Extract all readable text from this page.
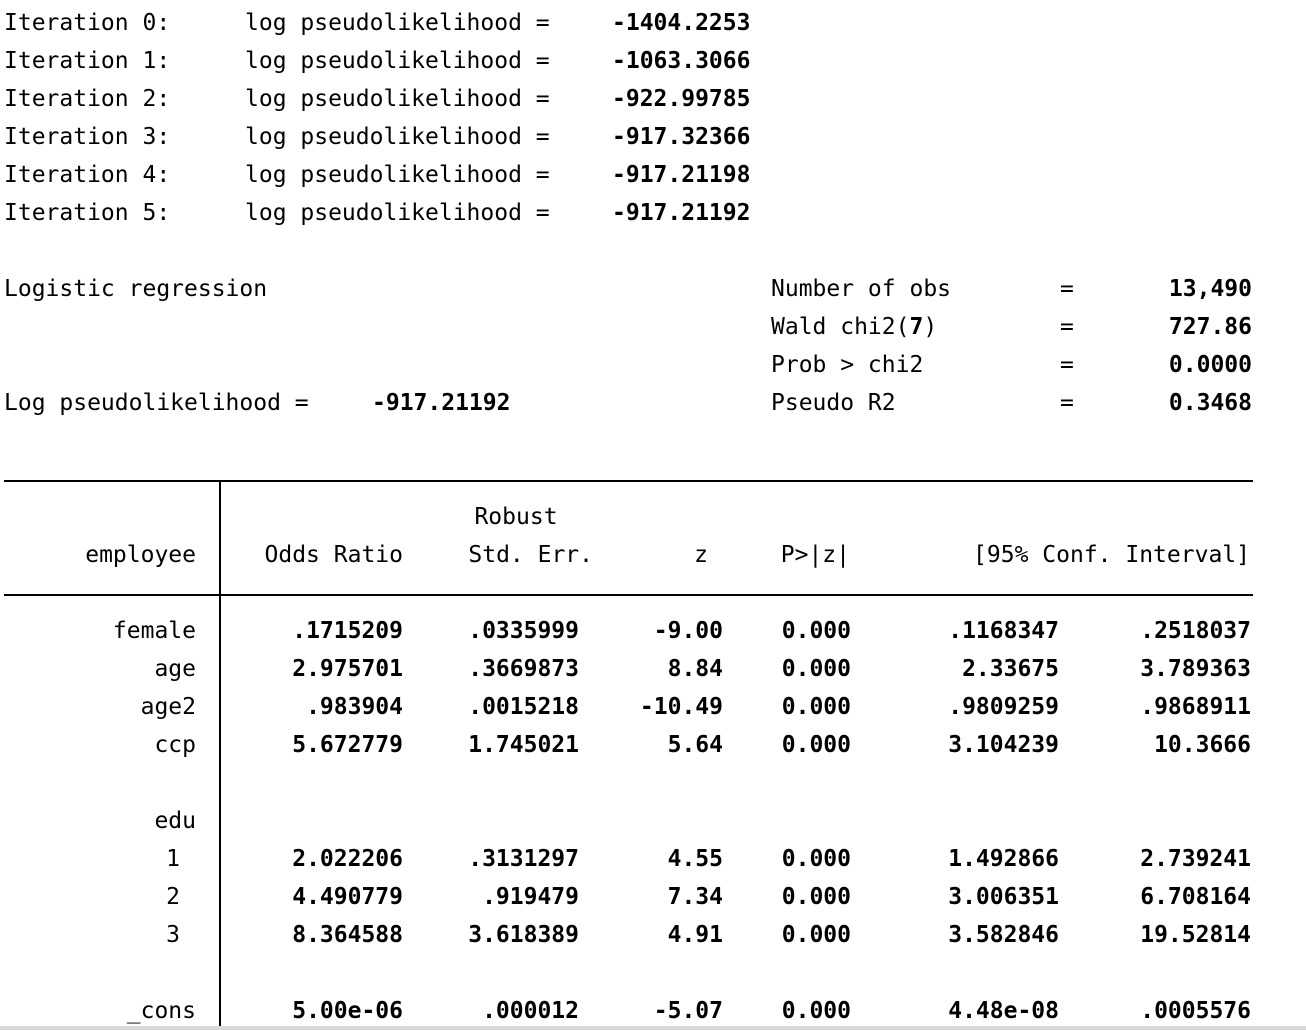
Iteration 0:	log pseudolikelihood =	-1404.2253
Iteration 1:	log pseudolikelihood =	-1063.3066
Iteration 2:	log pseudolikelihood =	-922.99785
Iteration 3:	log pseudolikelihood =	-917.32366
Iteration 4:	log pseudolikelihood =	-917.21198
Iteration 5:	log pseudolikelihood =	-917.21192
Logistic regression
Log pseudolikelihood =	-917.21192
Number of obs	=	13,490
Wald chi2(7)	=	727.86
Prob > chi2	=	0.0000
Pseudo R2	=	0.3468
Robust
employee	Odds Ratio	Std. Err.	z	P>|z|	[95% Conf. Interval]
female	.1715209	.0335999	-9.00	0.000	.1168347	.2518037
age	2.975701	.3669873	8.84	0.000	2.33675	3.789363
age2	.983904	.0015218	-10.49	0.000	.9809259	.9868911
ccp	5.672779	1.745021	5.64	0.000	3.104239	10.3666
edu
1	2.022206	.3131297	4.55	0.000	1.492866	2.739241
2	4.490779	.919479	7.34	0.000	3.006351	6.708164
3	8.364588	3.618389	4.91	0.000	3.582846	19.52814
_cons	5.00e-06	.000012	-5.07	0.000	4.48e-08	.0005576
